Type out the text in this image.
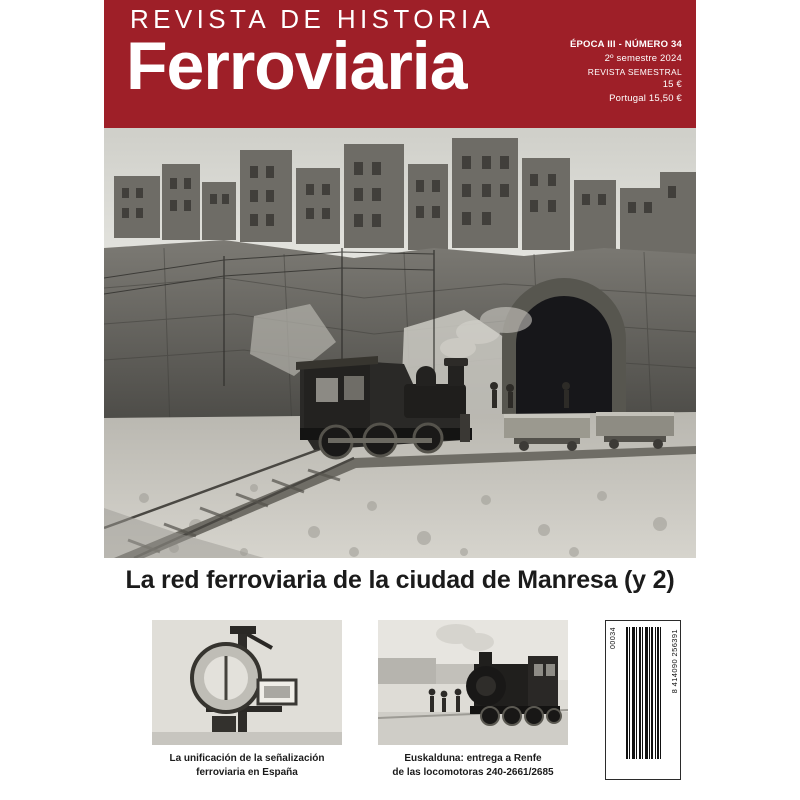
REVISTA DE HISTORIA
Ferroviaria	ÉPOCA III - NÚMERO 34
2º semestre 2024
REVISTA SEMESTRAL
15 €
Portugal 15,50 €
La red ferroviaria de la ciudad de Manresa (y 2)
La unificación de la señalización
ferroviaria en España
Euskalduna: entrega a Renfe
de las locomotoras 240-2661/2685
00034	8 414090 256391
